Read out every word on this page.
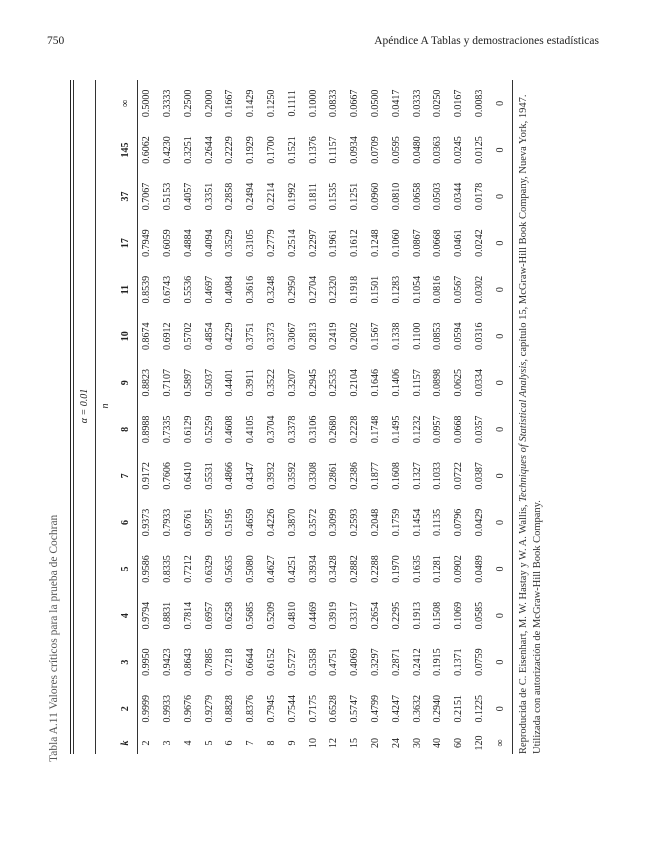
750	Apéndice A Tablas y demostraciones estadísticas
Tabla A.11 Valores críticos para la prueba de Cochran
	α = 0.01													
	n													
k	2	3	4	5	6	7	8	9	10	11	17	37	145	∞
2	0.9999	0.9950	0.9794	0.9586	0.9373	0.9172	0.8988	0.8823	0.8674	0.8539	0.7949	0.7067	0.6062	0.5000
3	0.9933	0.9423	0.8831	0.8335	0.7933	0.7606	0.7335	0.7107	0.6912	0.6743	0.6059	0.5153	0.4230	0.3333
4	0.9676	0.8643	0.7814	0.7212	0.6761	0.6410	0.6129	0.5897	0.5702	0.5536	0.4884	0.4057	0.3251	0.2500
5	0.9279	0.7885	0.6957	0.6329	0.5875	0.5531	0.5259	0.5037	0.4854	0.4697	0.4094	0.3351	0.2644	0.2000
6	0.8828	0.7218	0.6258	0.5635	0.5195	0.4866	0.4608	0.4401	0.4229	0.4084	0.3529	0.2858	0.2229	0.1667
7	0.8376	0.6644	0.5685	0.5080	0.4659	0.4347	0.4105	0.3911	0.3751	0.3616	0.3105	0.2494	0.1929	0.1429
8	0.7945	0.6152	0.5209	0.4627	0.4226	0.3932	0.3704	0.3522	0.3373	0.3248	0.2779	0.2214	0.1700	0.1250
9	0.7544	0.5727	0.4810	0.4251	0.3870	0.3592	0.3378	0.3207	0.3067	0.2950	0.2514	0.1992	0.1521	0.1111
10	0.7175	0.5358	0.4469	0.3934	0.3572	0.3308	0.3106	0.2945	0.2813	0.2704	0.2297	0.1811	0.1376	0.1000
12	0.6528	0.4751	0.3919	0.3428	0.3099	0.2861	0.2680	0.2535	0.2419	0.2320	0.1961	0.1535	0.1157	0.0833
15	0.5747	0.4069	0.3317	0.2882	0.2593	0.2386	0.2228	0.2104	0.2002	0.1918	0.1612	0.1251	0.0934	0.0667
20	0.4799	0.3297	0.2654	0.2288	0.2048	0.1877	0.1748	0.1646	0.1567	0.1501	0.1248	0.0960	0.0709	0.0500
24	0.4247	0.2871	0.2295	0.1970	0.1759	0.1608	0.1495	0.1406	0.1338	0.1283	0.1060	0.0810	0.0595	0.0417
30	0.3632	0.2412	0.1913	0.1635	0.1454	0.1327	0.1232	0.1157	0.1100	0.1054	0.0867	0.0658	0.0480	0.0333
40	0.2940	0.1915	0.1508	0.1281	0.1135	0.1033	0.0957	0.0898	0.0853	0.0816	0.0668	0.0503	0.0363	0.0250
60	0.2151	0.1371	0.1069	0.0902	0.0796	0.0722	0.0668	0.0625	0.0594	0.0567	0.0461	0.0344	0.0245	0.0167
120	0.1225	0.0759	0.0585	0.0489	0.0429	0.0387	0.0357	0.0334	0.0316	0.0302	0.0242	0.0178	0.0125	0.0083
∞	0	0	0	0	0	0	0	0	0	0	0	0	0	0
Reproducida de C. Eisenhart, M. W. Hastay y W. A. Wallis, Techniques of Statistical Analysis, capítulo 15, McGraw-Hill Book Company, Nueva York, 1947. Utilizada con autorización de McGraw-Hill Book Company.
